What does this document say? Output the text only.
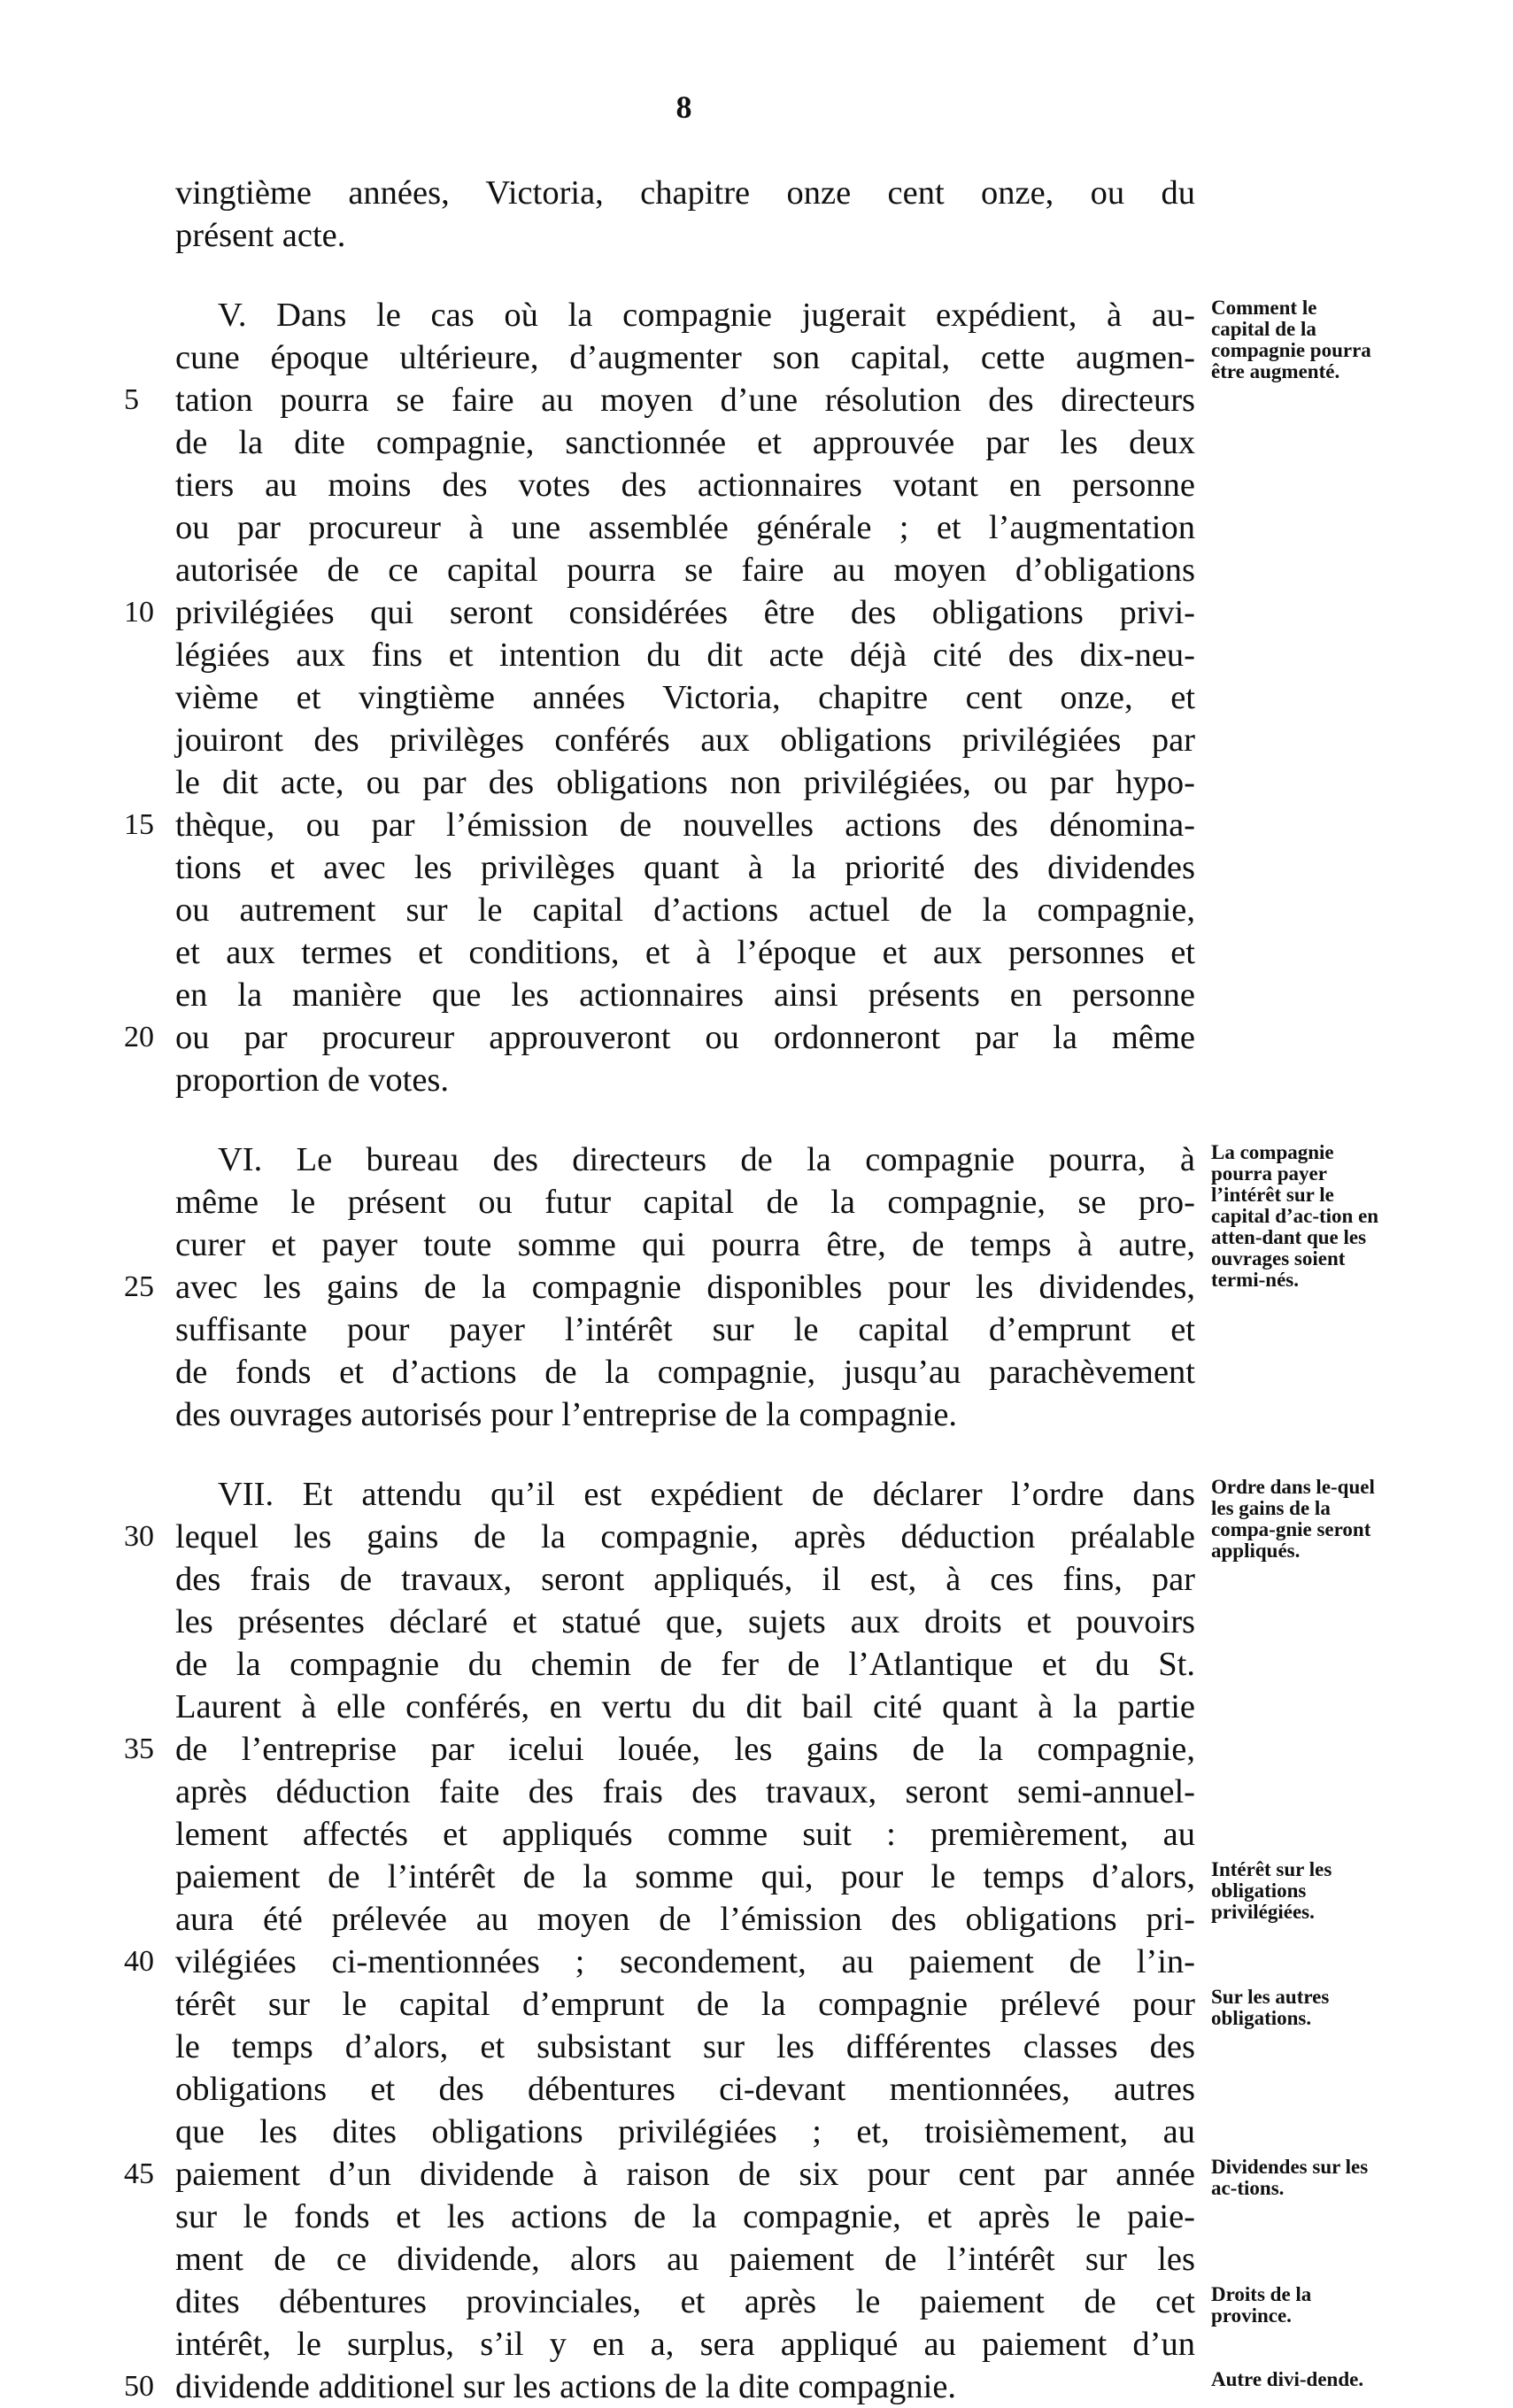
8
vingtième années, Victoria, chapitre onze cent onze, ou du
présent acte.
V. Dans le cas où la compagnie jugerait expédient, à au-
cune époque ultérieure, d’augmenter son capital, cette augmen-
tation pourra se faire au moyen d’une résolution des directeurs
5
de la dite compagnie, sanctionnée et approuvée par les deux
tiers au moins des votes des actionnaires votant en personne
ou par procureur à une assemblée générale ; et l’augmentation
autorisée de ce capital pourra se faire au moyen d’obligations
privilégiées qui seront considérées être des obligations privi-
10
légiées aux fins et intention du dit acte déjà cité des dix-neu-
vième et vingtième années Victoria, chapitre cent onze, et
jouiront des privilèges conférés aux obligations privilégiées par
le dit acte, ou par des obligations non privilégiées, ou par hypo-
thèque, ou par l’émission de nouvelles actions des dénomina-
15
tions et avec les privilèges quant à la priorité des dividendes
ou autrement sur le capital d’actions actuel de la compagnie,
et aux termes et conditions, et à l’époque et aux personnes et
en la manière que les actionnaires ainsi présents en personne
ou par procureur approuveront ou ordonneront par la même
20
proportion de votes.
VI. Le bureau des directeurs de la compagnie pourra, à
même le présent ou futur capital de la compagnie, se pro-
curer et payer toute somme qui pourra être, de temps à autre,
avec les gains de la compagnie disponibles pour les dividendes,
25
suffisante pour payer l’intérêt sur le capital d’emprunt et
de fonds et d’actions de la compagnie, jusqu’au parachèvement
des ouvrages autorisés pour l’entreprise de la compagnie.
VII. Et attendu qu’il est expédient de déclarer l’ordre dans
lequel les gains de la compagnie, après déduction préalable
30
des frais de travaux, seront appliqués, il est, à ces fins, par
les présentes déclaré et statué que, sujets aux droits et pouvoirs
de la compagnie du chemin de fer de l’Atlantique et du St.
Laurent à elle conférés, en vertu du dit bail cité quant à la partie
de l’entreprise par icelui louée, les gains de la compagnie,
35
après déduction faite des frais des travaux, seront semi-annuel-
lement affectés et appliqués comme suit : premièrement, au
paiement de l’intérêt de la somme qui, pour le temps d’alors,
aura été prélevée au moyen de l’émission des obligations pri-
vilégiées ci-mentionnées ; secondement, au paiement de l’in-
40
térêt sur le capital d’emprunt de la compagnie prélevé pour
le temps d’alors, et subsistant sur les différentes classes des
obligations et des débentures ci-devant mentionnées, autres
que les dites obligations privilégiées ; et, troisièmement, au
paiement d’un dividende à raison de six pour cent par année
45
sur le fonds et les actions de la compagnie, et après le paie-
ment de ce dividende, alors au paiement de l’intérêt sur les
dites débentures provinciales, et après le paiement de cet
intérêt, le surplus, s’il y en a, sera appliqué au paiement d’un
dividende additionel sur les actions de la dite compagnie.
50
Comment le capital de la compagnie pourra être augmenté.
La compagnie pourra payer l’intérêt sur le capital d’ac-tion en atten-dant que les ouvrages soient termi-nés.
Ordre dans le-quel les gains de la compa-gnie seront appliqués.
Intérêt sur les obligations privilégiées.
Sur les autres obligations.
Dividendes sur les ac-tions.
Droits de la province.
Autre divi-dende.
